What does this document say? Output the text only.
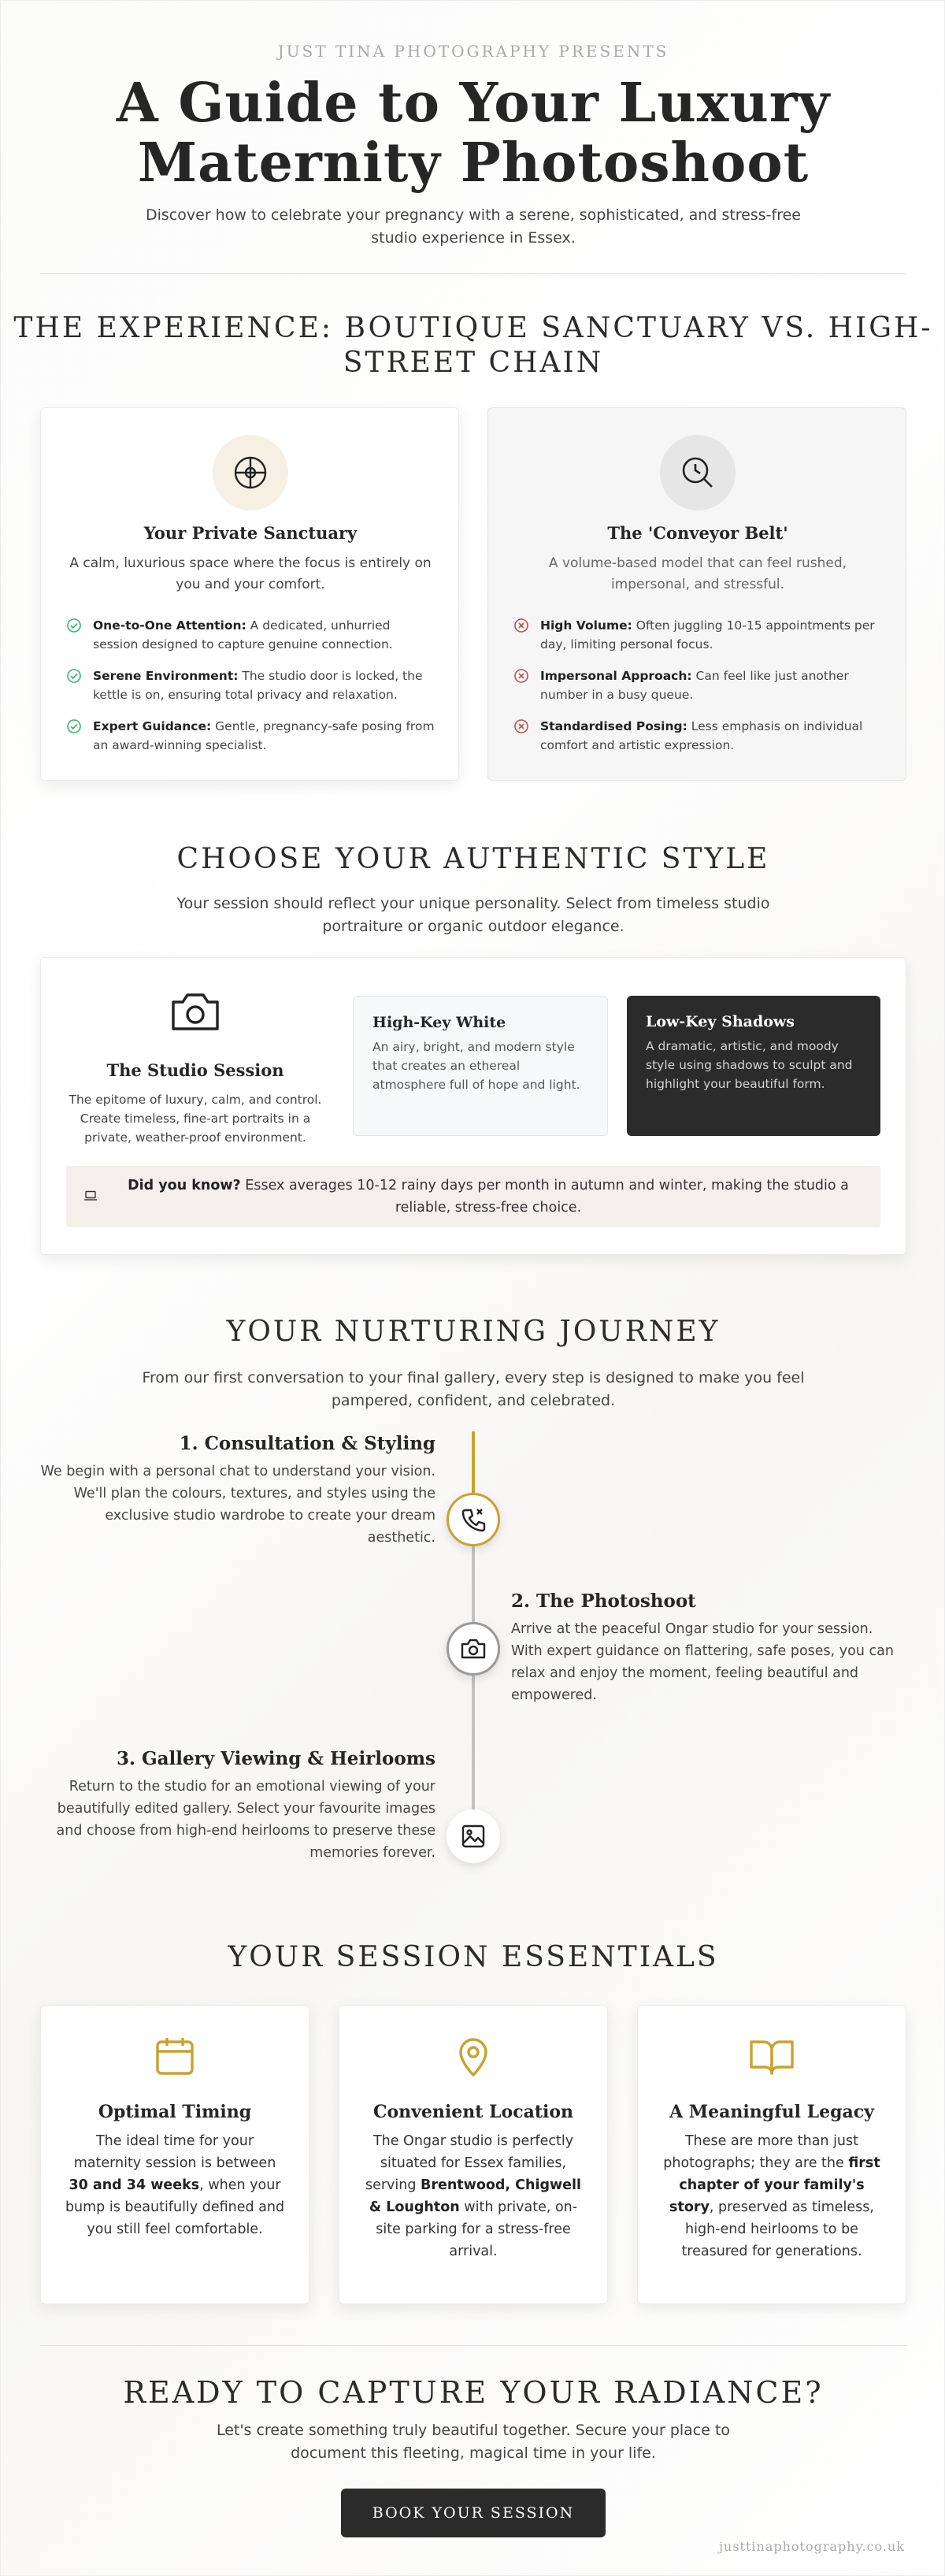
JUST TINA PHOTOGRAPHY PRESENTS
A Guide to Your Luxury
Maternity Photoshoot
Discover how to celebrate your pregnancy with a serene, sophisticated, and stress-free
studio experience in Essex.
THE EXPERIENCE: BOUTIQUE SANCTUARY VS. HIGH-
STREET CHAIN
Your Private Sanctuary
A calm, luxurious space where the focus is entirely on you and your comfort.
One-to-One Attention: A dedicated, unhurried session designed to capture genuine connection.
Serene Environment: The studio door is locked, the kettle is on, ensuring total privacy and relaxation.
Expert Guidance: Gentle, pregnancy-safe posing from an award-winning specialist.
The 'Conveyor Belt'
A volume-based model that can feel rushed, impersonal, and stressful.
High Volume: Often juggling 10-15 appointments per day, limiting personal focus.
Impersonal Approach: Can feel like just another number in a busy queue.
Standardised Posing: Less emphasis on individual comfort and artistic expression.
CHOOSE YOUR AUTHENTIC STYLE
Your session should reflect your unique personality. Select from timeless studio
portraiture or organic outdoor elegance.
The Studio Session
The epitome of luxury, calm, and control. Create timeless, fine-art portraits in a private, weather-proof environment.
High-Key White
An airy, bright, and modern style that creates an ethereal atmosphere full of hope and light.
Low-Key Shadows
A dramatic, artistic, and moody style using shadows to sculpt and highlight your beautiful form.
Did you know? Essex averages 10-12 rainy days per month in autumn and winter, making the studio a reliable, stress-free choice.
YOUR NURTURING JOURNEY
From our first conversation to your final gallery, every step is designed to make you feel
pampered, confident, and celebrated.
1. Consultation & Styling
We begin with a personal chat to understand your vision. We'll plan the colours, textures, and styles using the exclusive studio wardrobe to create your dream aesthetic.
2. The Photoshoot
Arrive at the peaceful Ongar studio for your session. With expert guidance on flattering, safe poses, you can relax and enjoy the moment, feeling beautiful and empowered.
3. Gallery Viewing & Heirlooms
Return to the studio for an emotional viewing of your beautifully edited gallery. Select your favourite images and choose from high-end heirlooms to preserve these memories forever.
YOUR SESSION ESSENTIALS
Optimal Timing
The ideal time for your maternity session is between 30 and 34 weeks, when your bump is beautifully defined and you still feel comfortable.
Convenient Location
The Ongar studio is perfectly situated for Essex families, serving Brentwood, Chigwell & Loughton with private, on-site parking for a stress-free arrival.
A Meaningful Legacy
These are more than just photographs; they are the first chapter of your family's story, preserved as timeless, high-end heirlooms to be treasured for generations.
READY TO CAPTURE YOUR RADIANCE?
Let's create something truly beautiful together. Secure your place to
document this fleeting, magical time in your life.
BOOK YOUR SESSION
justtinaphotography.co.uk
